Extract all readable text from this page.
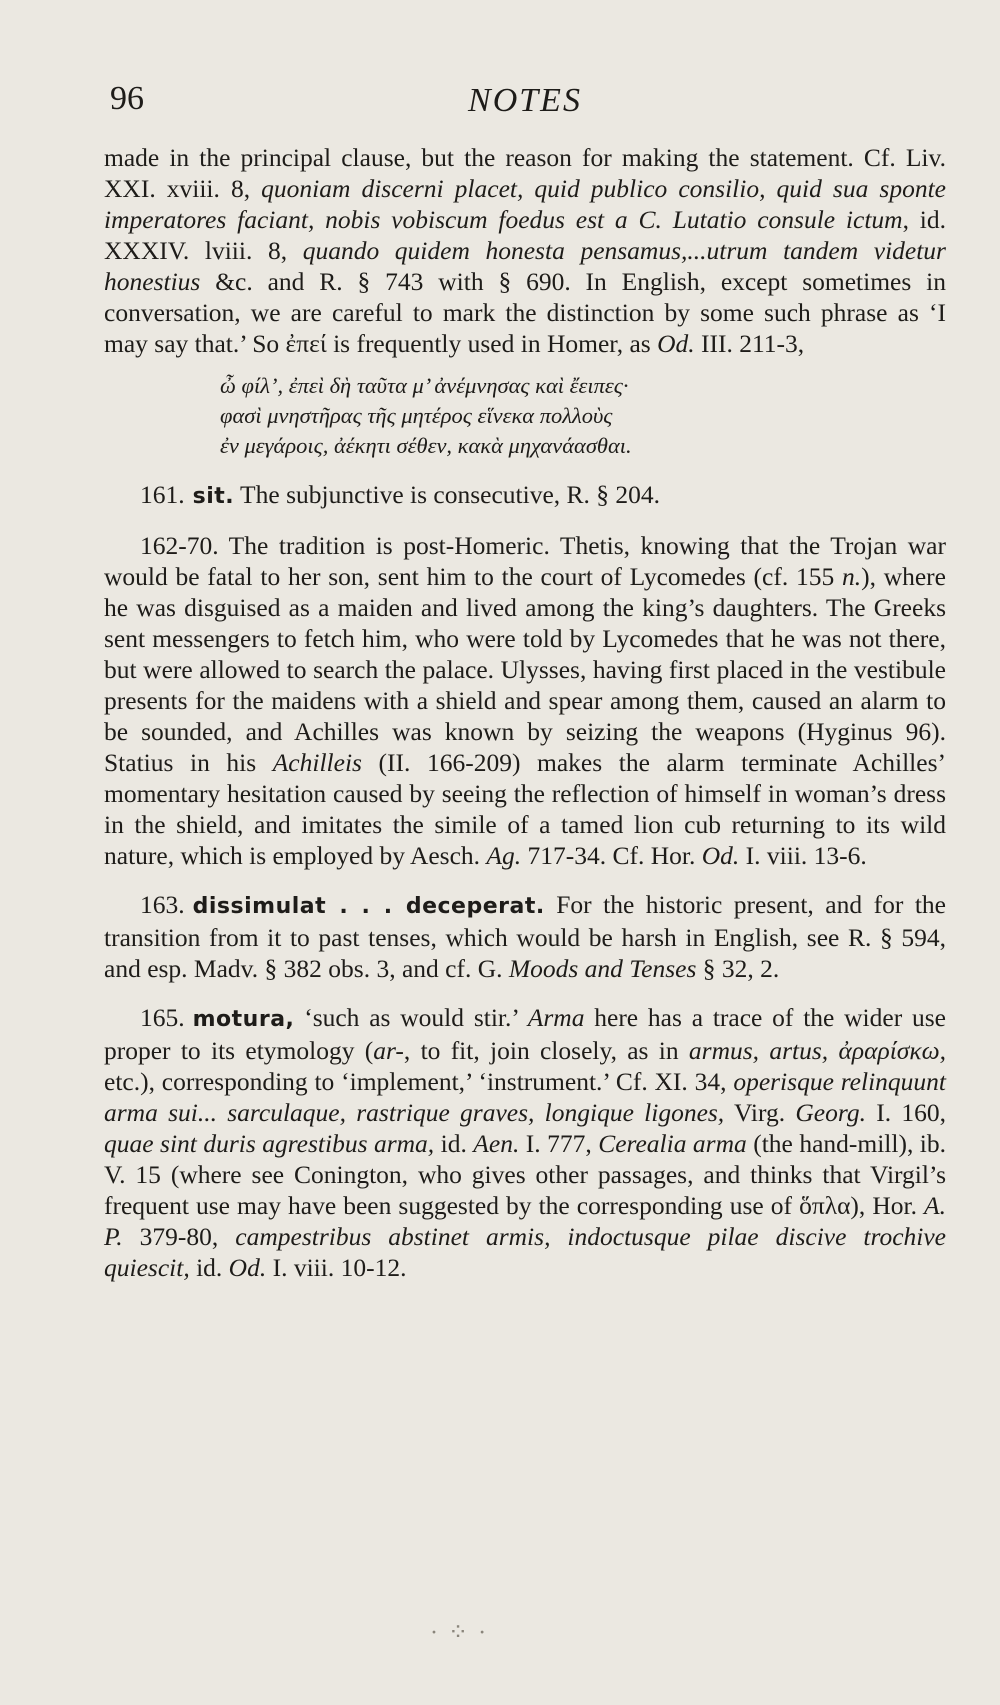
96	NOTES

made in the principal clause, but the reason for making the statement. Cf. Liv. XXI. xviii. 8, quoniam discerni placet, quid publico consilio, quid sua sponte imperatores faciant, nobis vobiscum foedus est a C. Lutatio consule ictum, id. XXXIV. lviii. 8, quando quidem honesta pensamus,...utrum tandem videtur honestius &c. and R. § 743 with § 690. In English, except sometimes in conversation, we are careful to mark the distinction by some such phrase as ‘I may say that.’ So ἐπεί is frequently used in Homer, as Od. III. 211-3,

ὦ φίλ’, ἐπεὶ δὴ ταῦτα μ’ ἀνέμνησας καὶ ἔειπες·
φασὶ μνηστῆρας τῆς μητέρος εἵνεκα πολλοὺς
ἐν μεγάροις, ἀέκητι σέθεν, κακὰ μηχανάασθαι.

161. sit. The subjunctive is consecutive, R. § 204.

162-70. The tradition is post-Homeric. Thetis, knowing that the Trojan war would be fatal to her son, sent him to the court of Lycomedes (cf. 155 n.), where he was disguised as a maiden and lived among the king’s daughters. The Greeks sent messengers to fetch him, who were told by Lycomedes that he was not there, but were allowed to search the palace. Ulysses, having first placed in the vestibule presents for the maidens with a shield and spear among them, caused an alarm to be sounded, and Achilles was known by seizing the weapons (Hyginus 96). Statius in his Achilleis (II. 166-209) makes the alarm terminate Achilles’ momentary hesitation caused by seeing the reflection of himself in woman’s dress in the shield, and imitates the simile of a tamed lion cub returning to its wild nature, which is employed by Aesch. Ag. 717-34. Cf. Hor. Od. I. viii. 13-6.

163. dissimulat . . . deceperat. For the historic present, and for the transition from it to past tenses, which would be harsh in English, see R. § 594, and esp. Madv. § 382 obs. 3, and cf. G. Moods and Tenses § 32, 2.

165. motura, ‘such as would stir.’ Arma here has a trace of the wider use proper to its etymology (ar-, to fit, join closely, as in armus, artus, ἀραρίσκω, etc.), corresponding to ‘implement,’ ‘instrument.’ Cf. XI. 34, operisque relinquunt arma sui... sarculaque, rastrique graves, longique ligones, Virg. Georg. I. 160, quae sint duris agrestibus arma, id. Aen. I. 777, Cerealia arma (the hand-mill), ib. V. 15 (where see Conington, who gives other passages, and thinks that Virgil’s frequent use may have been suggested by the corresponding use of ὅπλα), Hor. A. P. 379-80, campestribus abstinet armis, indoctusque pilae discive trochive quiescit, id. Od. I. viii. 10-12.

· ⁘ ·
